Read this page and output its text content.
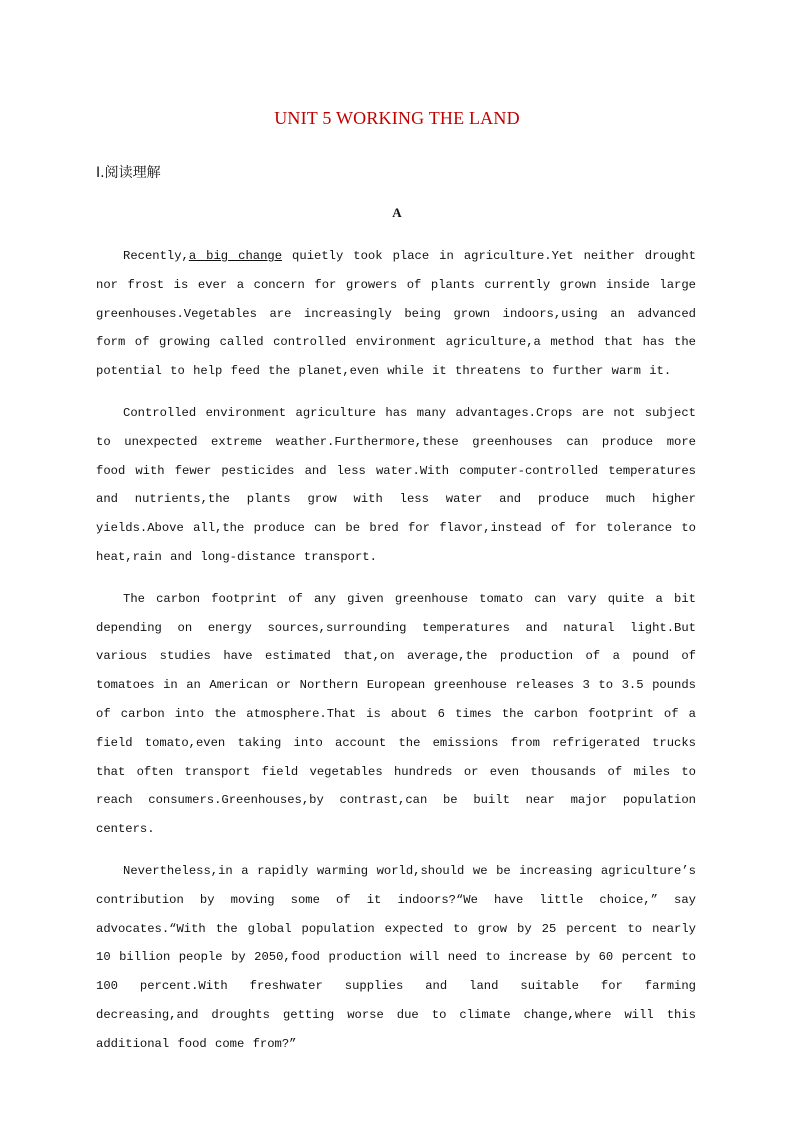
UNIT 5 WORKING THE LAND
Ⅰ.阅读理解
A

Recently,a big change quietly took place in agriculture.Yet neither drought nor frost is ever a concern for growers of plants currently grown inside large greenhouses.Vegetables are increasingly being grown indoors,using an advanced form of growing called controlled environment agriculture,a method that has the potential to help feed the planet,even while it threatens to further warm it.

Controlled environment agriculture has many advantages.Crops are not subject to unexpected extreme weather.Furthermore,these greenhouses can produce more food with fewer pesticides and less water.With computer-controlled temperatures and nutrients,the plants grow with less water and produce much higher yields.Above all,the produce can be bred for flavor,instead of for tolerance to heat,rain and long-distance transport.

The carbon footprint of any given greenhouse tomato can vary quite a bit depending on energy sources,surrounding temperatures and natural light.But various studies have estimated that,on average,the production of a pound of tomatoes in an American or Northern European greenhouse releases 3 to 3.5 pounds of carbon into the atmosphere.That is about 6 times the carbon footprint of a field tomato,even taking into account the emissions from refrigerated trucks that often transport field vegetables hundreds or even thousands of miles to reach consumers.Greenhouses,by contrast,can be built near major population centers.

Nevertheless,in a rapidly warming world,should we be increasing agriculture’s contribution by moving some of it indoors?“We have little choice,” say advocates.“With the global population expected to grow by 25 percent to nearly 10 billion people by 2050,food production will need to increase by 60 percent to 100 percent.With freshwater supplies and land suitable for farming decreasing,and droughts getting worse due to climate change,where will this additional food come from?”
